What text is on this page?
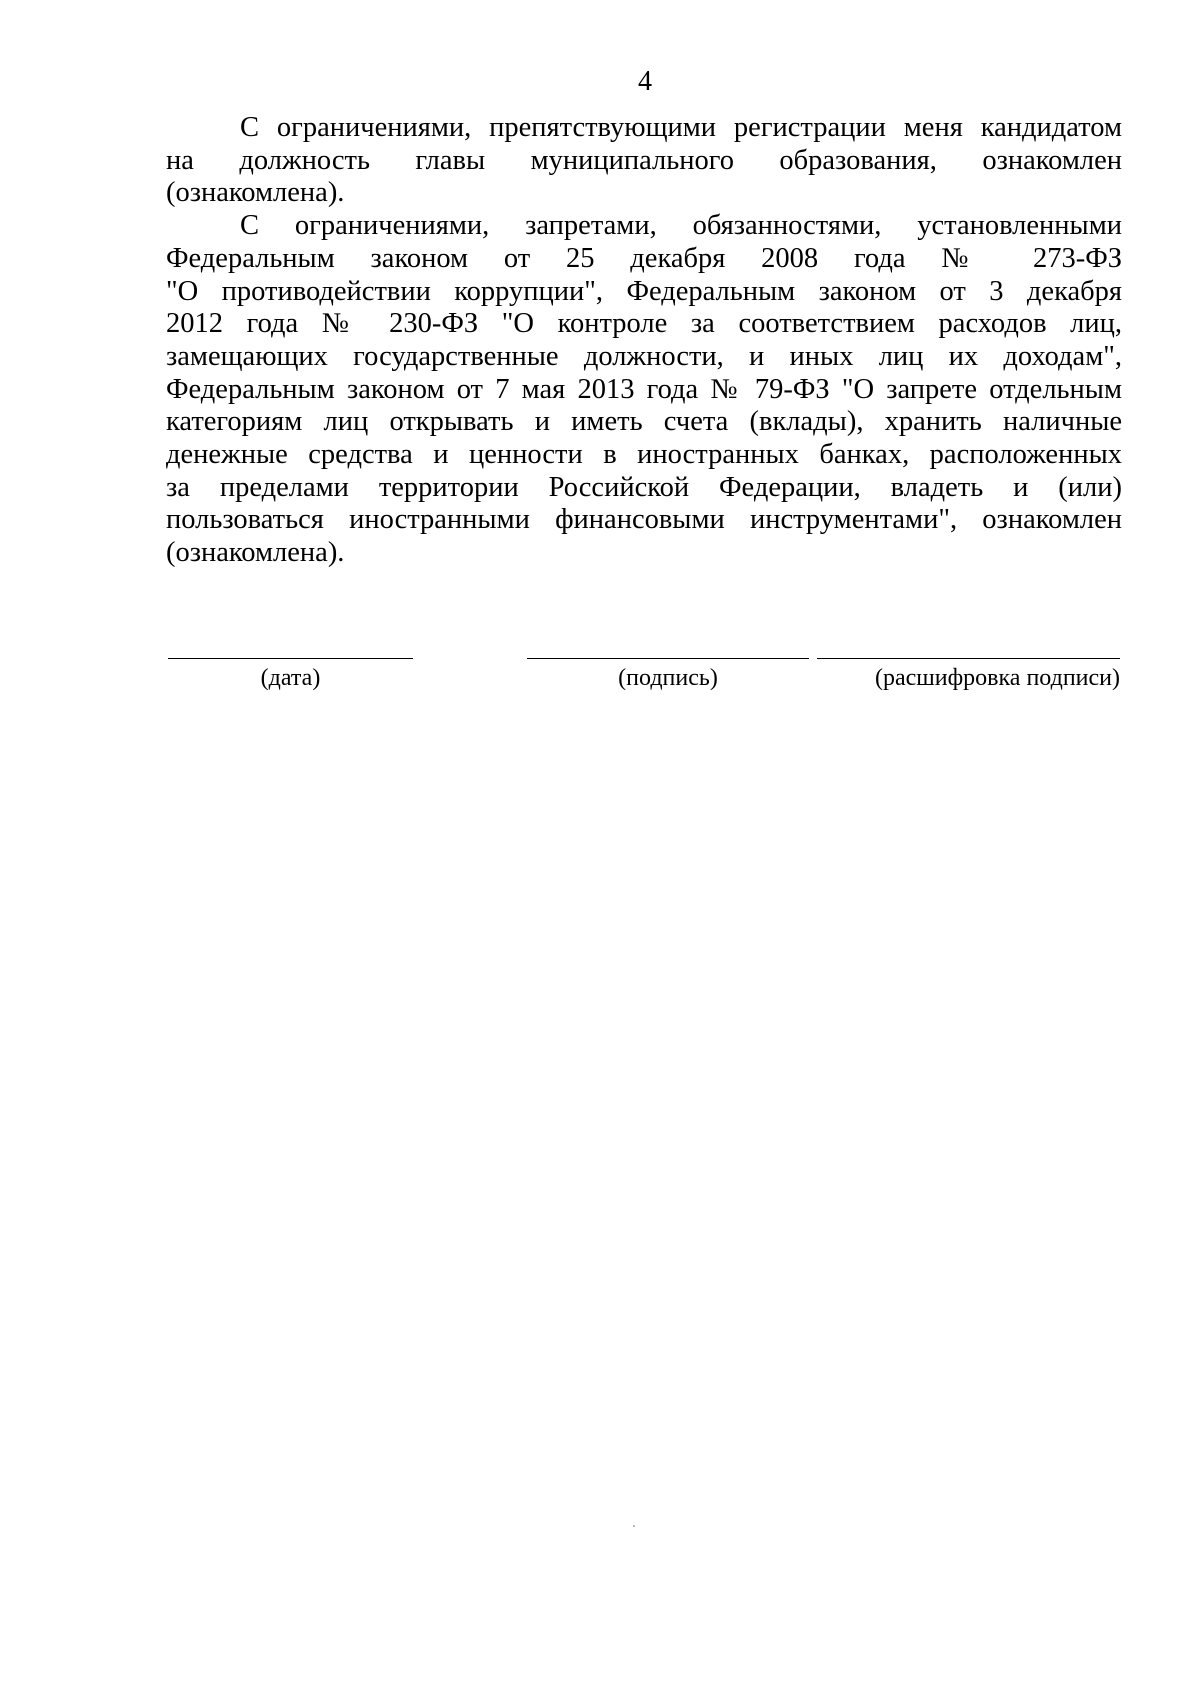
4

С ограничениями, препятствующими регистрации меня кандидатом
на должность главы муниципального образования, ознакомлен
(ознакомлена).

С ограничениями, запретами, обязанностями, установленными
Федеральным законом от 25 декабря 2008 года № 273-ФЗ
"О противодействии коррупции", Федеральным законом от 3 декабря
2012 года № 230-ФЗ "О контроле за соответствием расходов лиц,
замещающих государственные должности, и иных лиц их доходам",
Федеральным законом от 7 мая 2013 года № 79-ФЗ "О запрете отдельным
категориям лиц открывать и иметь счета (вклады), хранить наличные
денежные средства и ценности в иностранных банках, расположенных
за пределами территории Российской Федерации, владеть и (или)
пользоваться иностранными финансовыми инструментами", ознакомлен
(ознакомлена).

(дата)	(подпись)	(расшифровка подписи)
